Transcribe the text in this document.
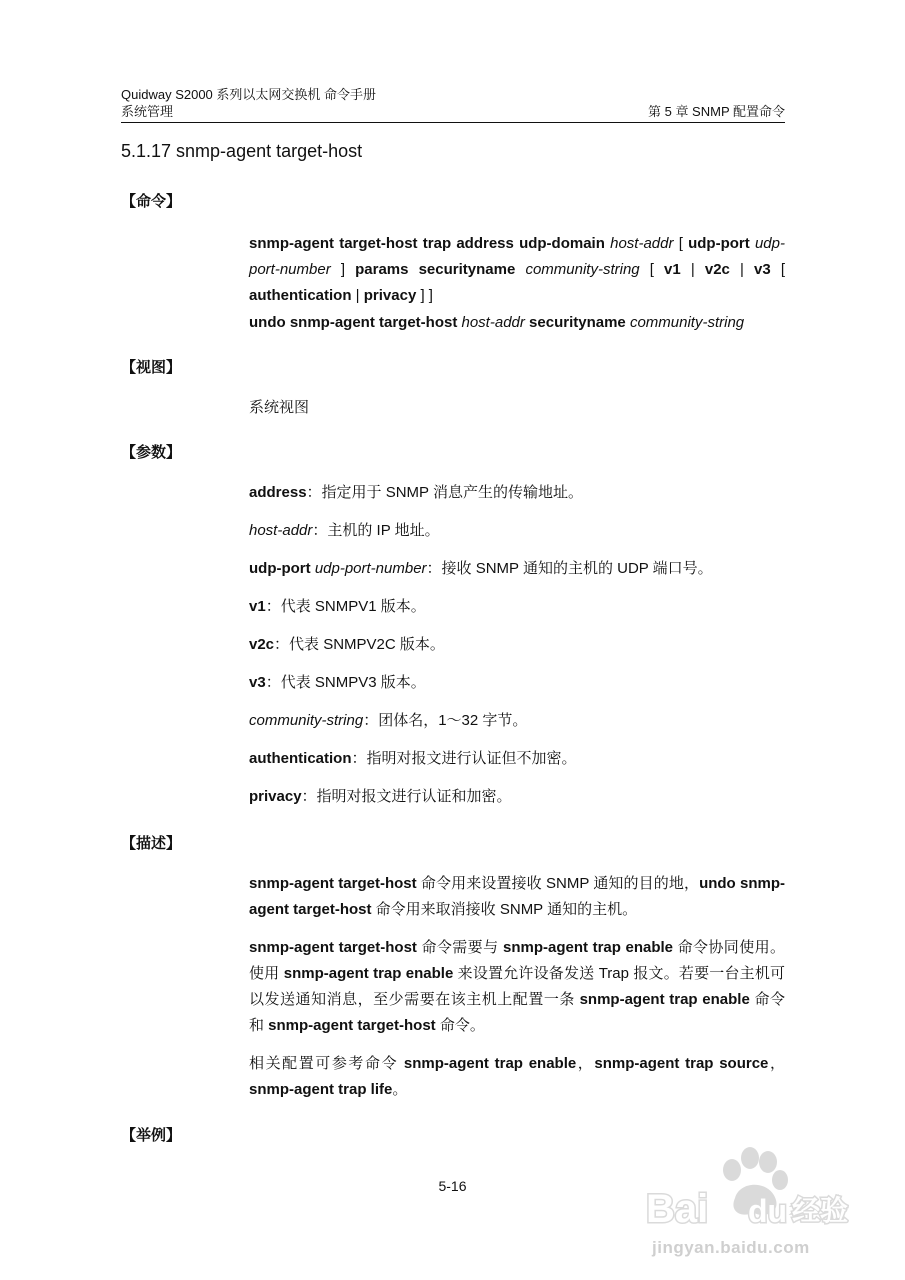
Quidway S2000 系列以太网交换机 命令手册
系统管理	第 5 章 SNMP 配置命令
5.1.17 snmp-agent target-host
【命令】

snmp-agent target-host trap address udp-domain host-addr [ udp-port udp-port-number ] params securityname community-string [ v1 | v2c | v3 [ authentication | privacy ] ]

undo snmp-agent target-host host-addr securityname community-string

【视图】
系统视图
【参数】
address：指定用于 SNMP 消息产生的传输地址。
host-addr：主机的 IP 地址。
udp-port udp-port-number：接收 SNMP 通知的主机的 UDP 端口号。
v1：代表 SNMPV1 版本。
v2c：代表 SNMPV2C 版本。
v3：代表 SNMPV3 版本。
community-string：团体名，1～32 字节。
authentication：指明对报文进行认证但不加密。
privacy：指明对报文进行认证和加密。
【描述】

snmp-agent target-host 命令用来设置接收 SNMP 通知的目的地，undo snmp-agent target-host 命令用来取消接收 SNMP 通知的主机。

snmp-agent target-host 命令需要与 snmp-agent trap enable 命令协同使用。使用 snmp-agent trap enable 来设置允许设备发送 Trap 报文。若要一台主机可以发送通知消息，至少需要在该主机上配置一条 snmp-agent trap enable 命令和 snmp-agent target-host 命令。

相关配置可参考命令 snmp-agent trap enable，snmp-agent trap source，snmp-agent trap life。

【举例】
5-16
Bai du 经验
jingyan.baidu.com
